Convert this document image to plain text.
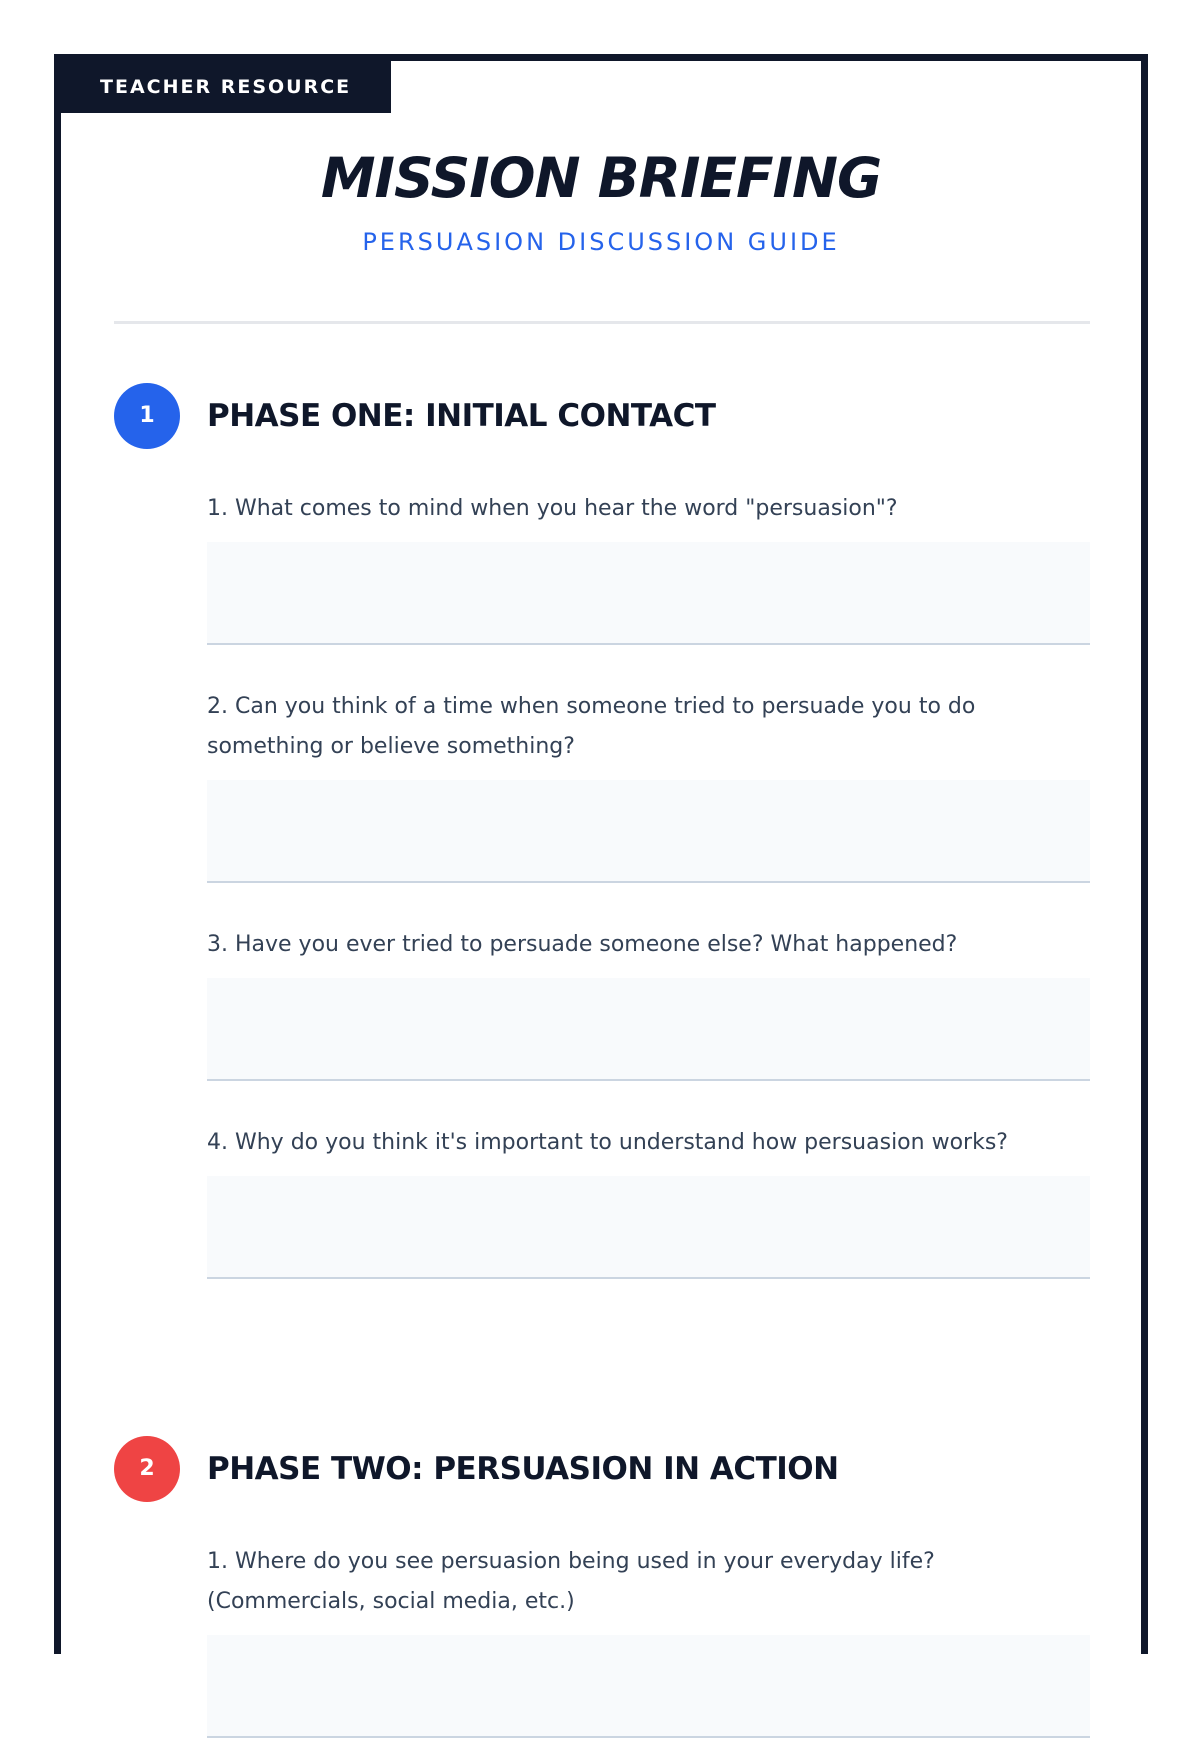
TEACHER RESOURCE
MISSION BRIEFING
PERSUASION DISCUSSION GUIDE
1	PHASE ONE: INITIAL CONTACT

1. What comes to mind when you hear the word "persuasion"?

2. Can you think of a time when someone tried to persuade you to do something or believe something?

3. Have you ever tried to persuade someone else? What happened?

4. Why do you think it's important to understand how persuasion works?

2	PHASE TWO: PERSUASION IN ACTION

1. Where do you see persuasion being used in your everyday life? (Commercials, social media, etc.)
